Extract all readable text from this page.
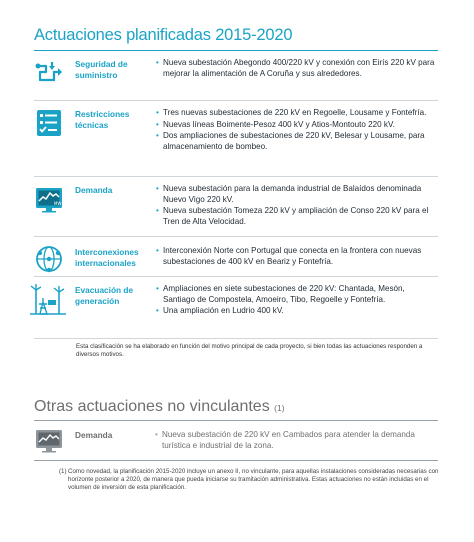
Actuaciones planificadas 2015-2020
Seguridad de suministro
• Nueva subestación Abegondo 400/220 kV y conexión con Eirís 220 kV para mejorar la alimentación de A Coruña y sus alrededores.
Restricciones técnicas
• Tres nuevas subestaciones de 220 kV en Regoelle, Lousame y Fontefría.
• Nuevas líneas Boimente-Pesoz 400 kV y Atios-Montouto 220 kV.
• Dos ampliaciones de subestaciones de 220 kV, Belesar y Lousame, para almacenamiento de bombeo.
MW
Demanda	• Nueva subestación para la demanda industrial de Balaídos denominada Nuevo Vigo 220 kV.
• Nueva subestación Tomeza 220 kV y ampliación de Conso 220 kV para el Tren de Alta Velocidad.
Interconexiones internacionales
• Interconexión Norte con Portugal que conecta en la frontera con nuevas subestaciones de 400 kV en Beariz y Fontefría.
Evacuación de generación
• Ampliaciones en siete subestaciones de 220 kV: Chantada, Mesón, Santiago de Compostela, Amoeiro, Tibo, Regoelle y Fontefría.
• Una ampliación en Ludrio 400 kV.
Esta clasificación se ha elaborado en función del motivo principal de cada proyecto, si bien todas las actuaciones responden a diversos motivos.
Otras actuaciones no vinculantes (1)
Demanda	• Nueva subestación de 220 kV en Cambados para atender la demanda turística e industrial de la zona.
(1) Como novedad, la planificación 2015-2020 incluye un anexo II, no vinculante, para aquellas instalaciones consideradas necesarias con horizonte posterior a 2020, de manera que pueda iniciarse su tramitación administrativa. Estas actuaciones no están incluidas en el volumen de inversión de esta planificación.
